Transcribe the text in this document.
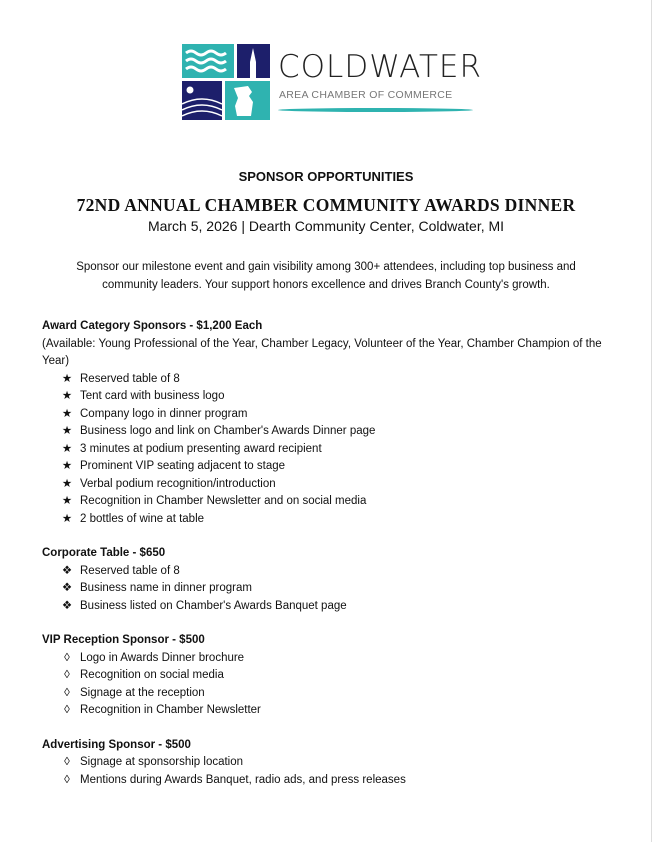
COLDWATER
AREA CHAMBER OF COMMERCE
SPONSOR OPPORTUNITIES
72ND ANNUAL CHAMBER COMMUNITY AWARDS DINNER
March 5, 2026 | Dearth Community Center, Coldwater, MI
Sponsor our milestone event and gain visibility among 300+ attendees, including top business and community leaders. Your support honors excellence and drives Branch County's growth.
Award Category Sponsors - $1,200 Each
(Available: Young Professional of the Year, Chamber Legacy, Volunteer of the Year, Chamber Champion of the Year)
★ Reserved table of 8
★ Tent card with business logo
★ Company logo in dinner program
★ Business logo and link on Chamber's Awards Dinner page
★ 3 minutes at podium presenting award recipient
★ Prominent VIP seating adjacent to stage
★ Verbal podium recognition/introduction
★ Recognition in Chamber Newsletter and on social media
★ 2 bottles of wine at table
Corporate Table - $650
❖ Reserved table of 8
❖ Business name in dinner program
❖ Business listed on Chamber's Awards Banquet page
VIP Reception Sponsor - $500
◊ Logo in Awards Dinner brochure
◊ Recognition on social media
◊ Signage at the reception
◊ Recognition in Chamber Newsletter
Advertising Sponsor - $500
◊ Signage at sponsorship location
◊ Mentions during Awards Banquet, radio ads, and press releases
